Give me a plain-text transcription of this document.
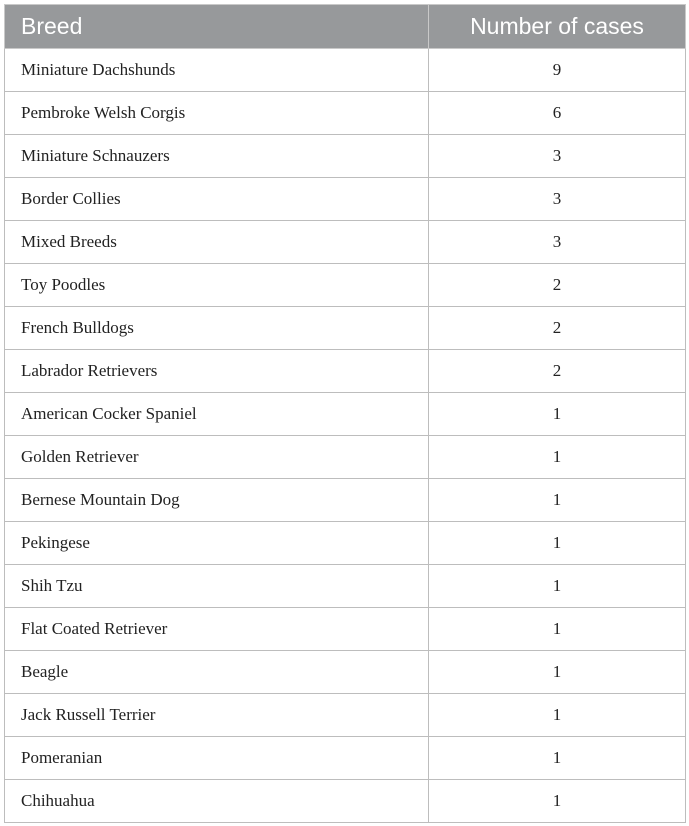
Breed	Number of cases
Miniature Dachshunds	9
Pembroke Welsh Corgis	6
Miniature Schnauzers	3
Border Collies	3
Mixed Breeds	3
Toy Poodles	2
French Bulldogs	2
Labrador Retrievers	2
American Cocker Spaniel	1
Golden Retriever	1
Bernese Mountain Dog	1
Pekingese	1
Shih Tzu	1
Flat Coated Retriever	1
Beagle	1
Jack Russell Terrier	1
Pomeranian	1
Chihuahua	1
